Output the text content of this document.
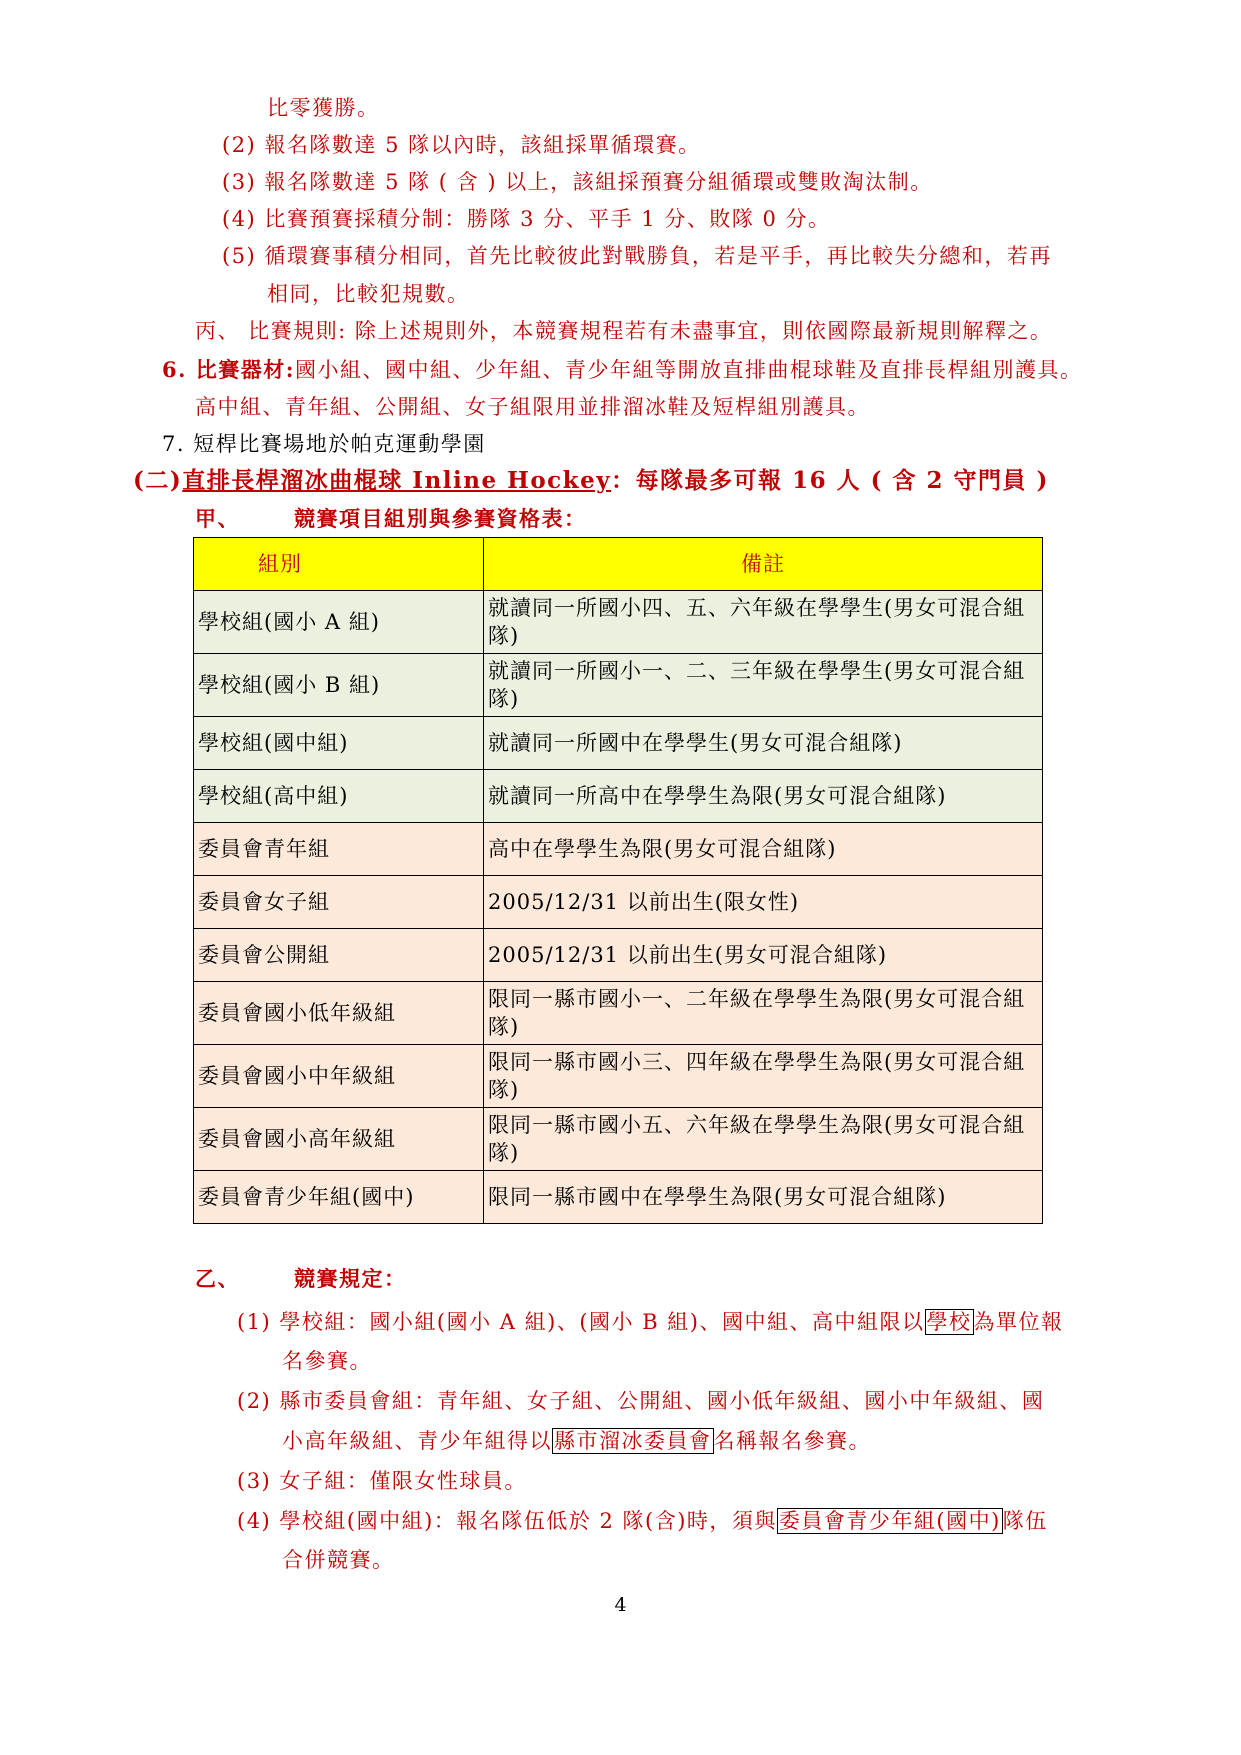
比零獲勝。
(2) 報名隊數達 5 隊以內時，該組採單循環賽。
(3) 報名隊數達 5 隊 ( 含 ) 以上，該組採預賽分組循環或雙敗淘汰制。
(4) 比賽預賽採積分制：勝隊 3 分、平手 1 分、敗隊 0 分。
(5) 循環賽事積分相同，首先比較彼此對戰勝負，若是平手，再比較失分總和，若再
相同，比較犯規數。
丙、 比賽規則: 除上述規則外，本競賽規程若有未盡事宜，則依國際最新規則解釋之。
6. 比賽器材:國小組、國中組、少年組、青少年組等開放直排曲棍球鞋及直排長桿組別護具。
高中組、青年組、公開組、女子組限用並排溜冰鞋及短桿組別護具。
7. 短桿比賽場地於帕克運動學園
(二)直排長桿溜冰曲棍球 Inline Hockey：每隊最多可報 16 人 ( 含 2 守門員 )
甲、	競賽項目組別與參賽資格表：
組別	備註
學校組(國小 A 組)	就讀同一所國小四、五、六年級在學學生(男女可混合組隊)
學校組(國小 B 組)	就讀同一所國小一、二、三年級在學學生(男女可混合組隊)
學校組(國中組)	就讀同一所國中在學學生(男女可混合組隊)
學校組(高中組)	就讀同一所高中在學學生為限(男女可混合組隊)
委員會青年組	高中在學學生為限(男女可混合組隊)
委員會女子組	2005/12/31 以前出生(限女性)
委員會公開組	2005/12/31 以前出生(男女可混合組隊)
委員會國小低年級組	限同一縣市國小一、二年級在學學生為限(男女可混合組隊)
委員會國小中年級組	限同一縣市國小三、四年級在學學生為限(男女可混合組隊)
委員會國小高年級組	限同一縣市國小五、六年級在學學生為限(男女可混合組隊)
委員會青少年組(國中)	限同一縣市國中在學學生為限(男女可混合組隊)
乙、	競賽規定：
(1) 學校組：國小組(國小 A 組)、(國小 B 組)、國中組、高中組限以學校為單位報
名參賽。
(2) 縣市委員會組：青年組、女子組、公開組、國小低年級組、國小中年級組、國
小高年級組、青少年組得以縣市溜冰委員會名稱報名參賽。
(3) 女子組：僅限女性球員。
(4) 學校組(國中組)：報名隊伍低於 2 隊(含)時，須與委員會青少年組(國中)隊伍
合併競賽。
4
